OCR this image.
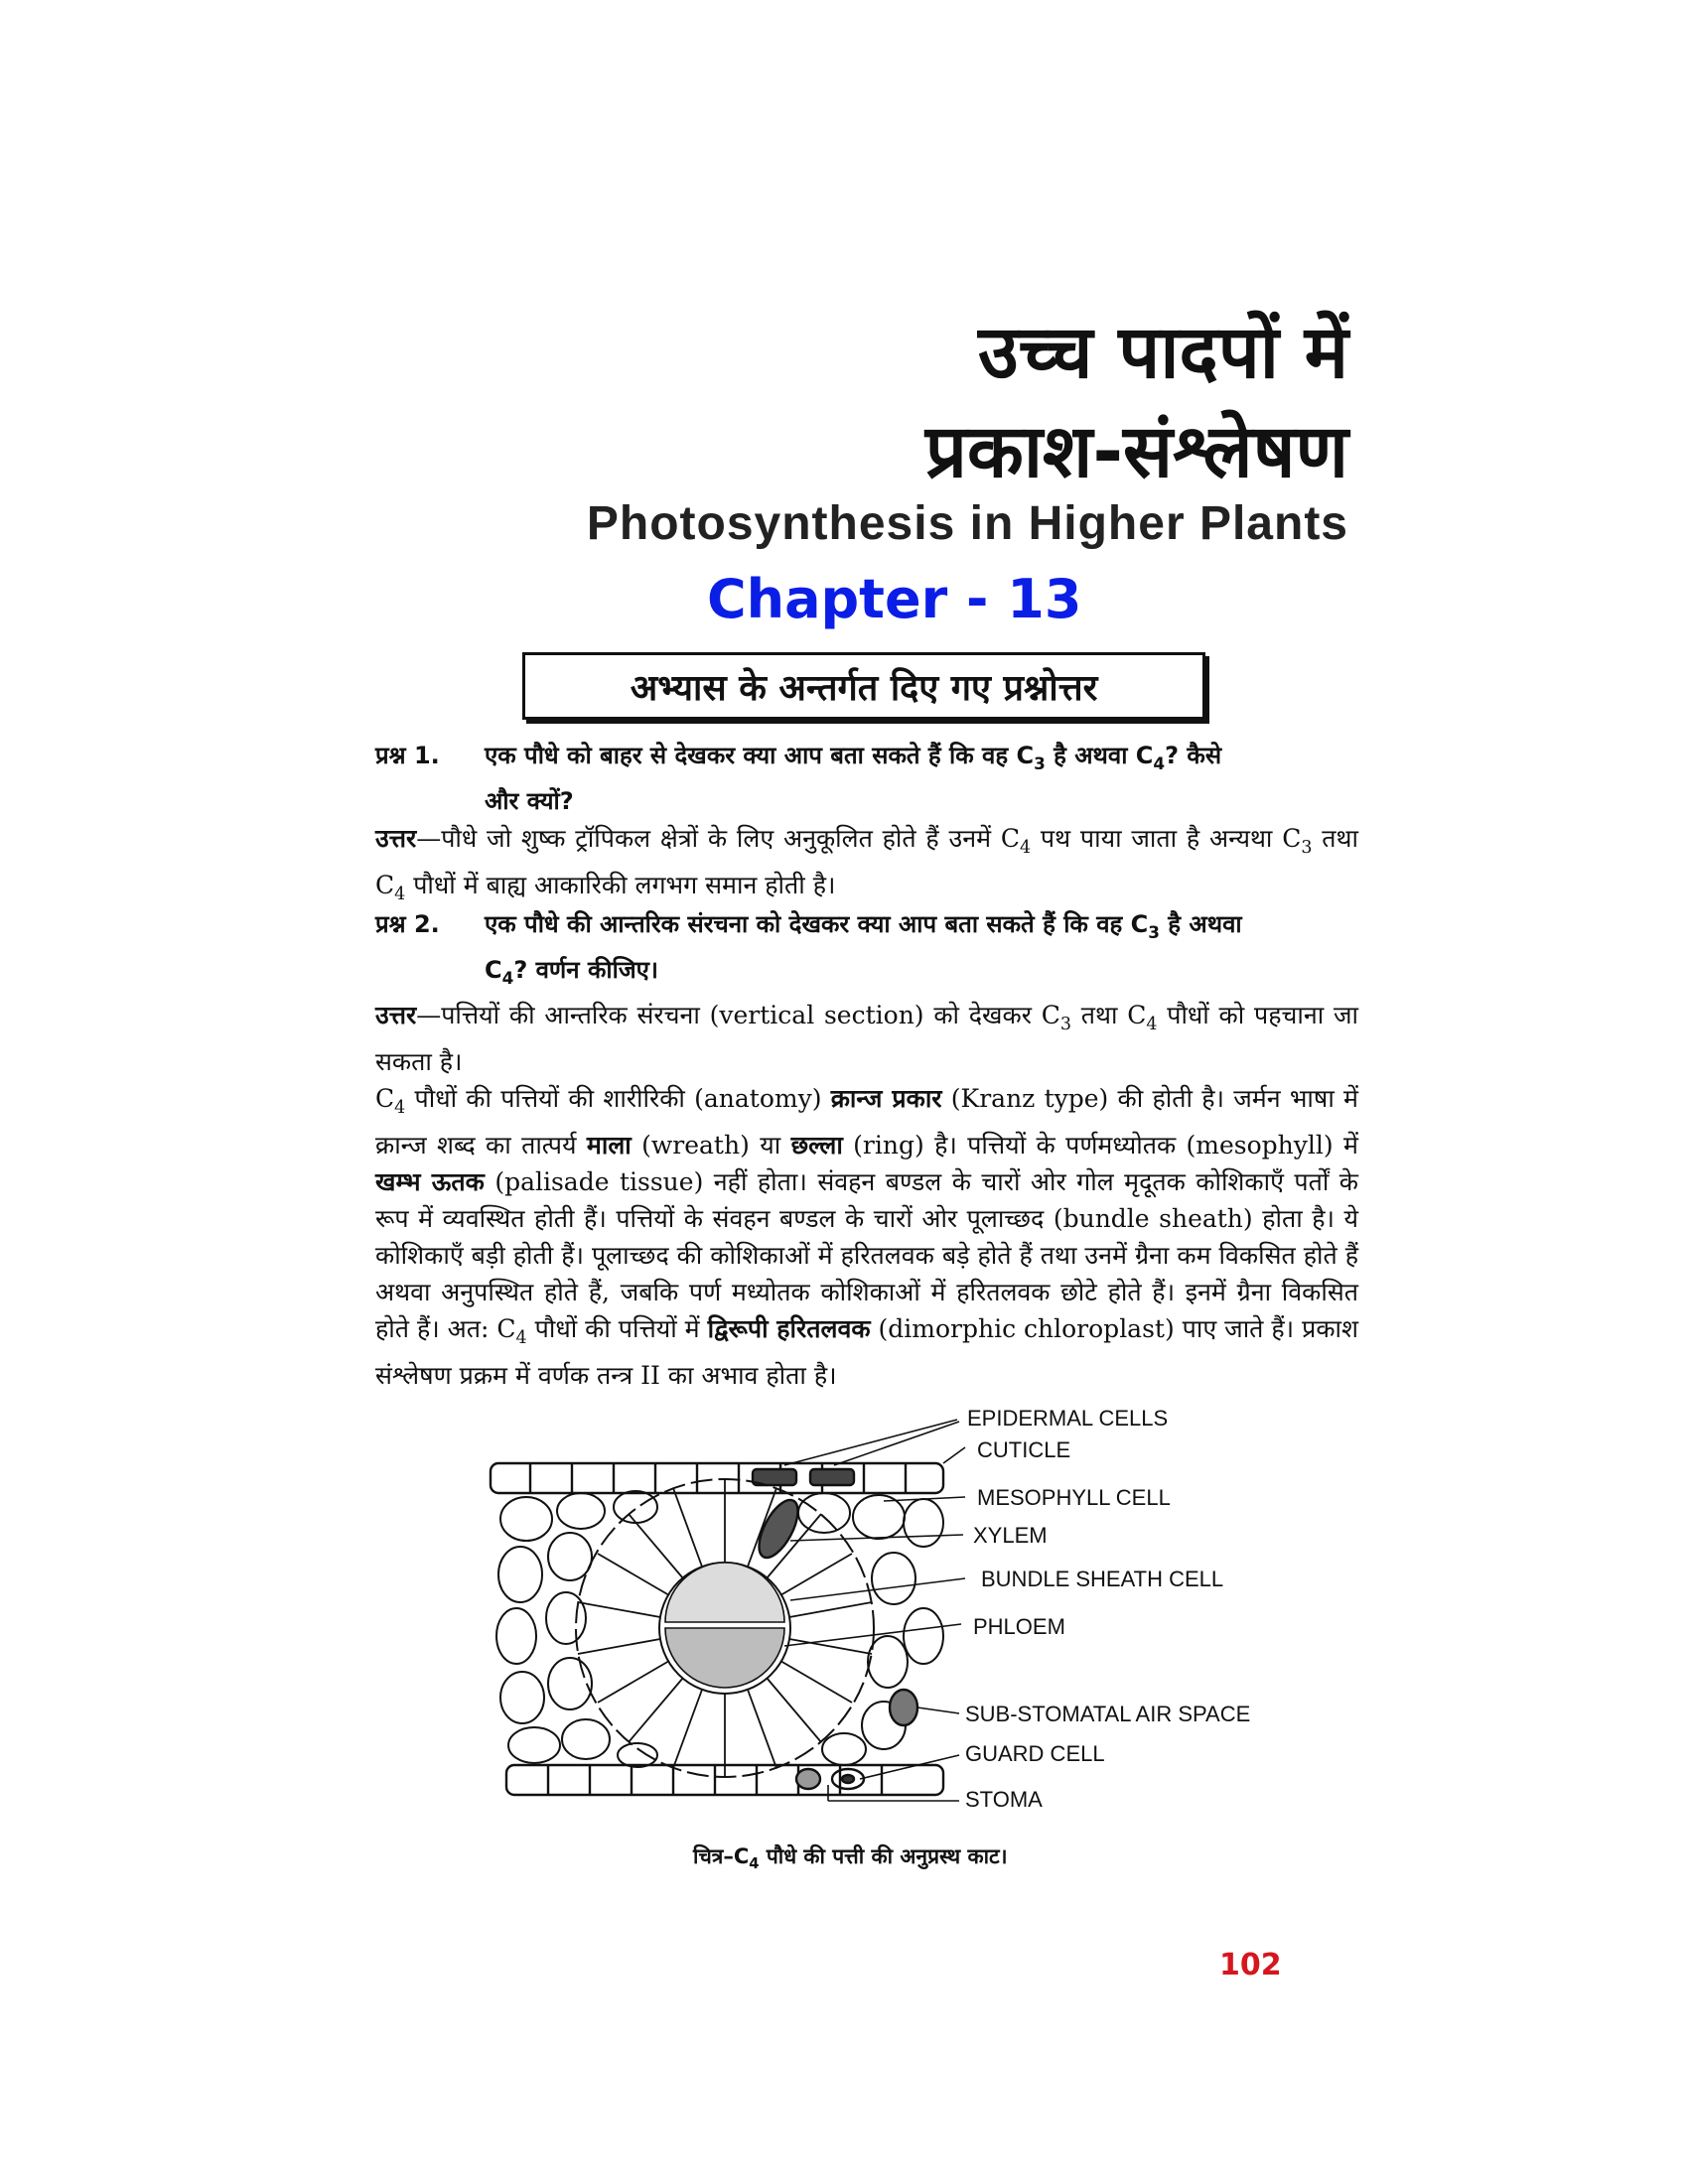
उच्च पादपों में
प्रकाश-संश्लेषण
Photosynthesis in Higher Plants
Chapter - 13
अभ्यास के अन्तर्गत दिए गए प्रश्नोत्तर

प्रश्न 1. एक पौधे को बाहर से देखकर क्या आप बता सकते हैं कि वह $C_3$ है अथवा $C_4$? कैसे
और क्यों?

उत्तर—पौधे जो शुष्क ट्रॉपिकल क्षेत्रों के लिए अनुकूलित होते हैं उनमें $C_4$ पथ पाया जाता है अन्यथा $C_3$ तथा $C_4$ पौधों में बाह्य आकारिकी लगभग समान होती है।

प्रश्न 2. एक पौधे की आन्तरिक संरचना को देखकर क्या आप बता सकते हैं कि वह $C_3$ है अथवा
$C_4$? वर्णन कीजिए।

उत्तर—पत्तियों की आन्तरिक संरचना (vertical section) को देखकर $C_3$ तथा $C_4$ पौधों को पहचाना जा सकता है।

$C_4$ पौधों की पत्तियों की शारीरिकी (anatomy) क्रान्ज प्रकार (Kranz type) की होती है। जर्मन भाषा में क्रान्ज शब्द का तात्पर्य माला (wreath) या छल्ला (ring) है। पत्तियों के पर्णमध्योतक (mesophyll) में खम्भ ऊतक (palisade tissue) नहीं होता। संवहन बण्डल के चारों ओर गोल मृदूतक कोशिकाएँ पर्तों के रूप में व्यवस्थित होती हैं। पत्तियों के संवहन बण्डल के चारों ओर पूलाच्छद (bundle sheath) होता है। ये कोशिकाएँ बड़ी होती हैं। पूलाच्छद की कोशिकाओं में हरितलवक बड़े होते हैं तथा उनमें ग्रैना कम विकसित होते हैं अथवा अनुपस्थित होते हैं, जबकि पर्ण मध्योतक कोशिकाओं में हरितलवक छोटे होते हैं। इनमें ग्रैना विकसित होते हैं। अत: $C_4$ पौधों की पत्तियों में द्विरूपी हरितलवक (dimorphic chloroplast) पाए जाते हैं। प्रकाश संश्लेषण प्रक्रम में वर्णक तन्त्र II का अभाव होता है।

EPIDERMAL CELLS
CUTICLE
MESOPHYLL CELL
XYLEM
BUNDLE SHEATH CELL
PHLOEM
SUB-STOMATAL AIR SPACE
GUARD CELL
STOMA

$चित्र-C_4$ पौधे की पत्ती की अनुप्रस्थ काट।

102
